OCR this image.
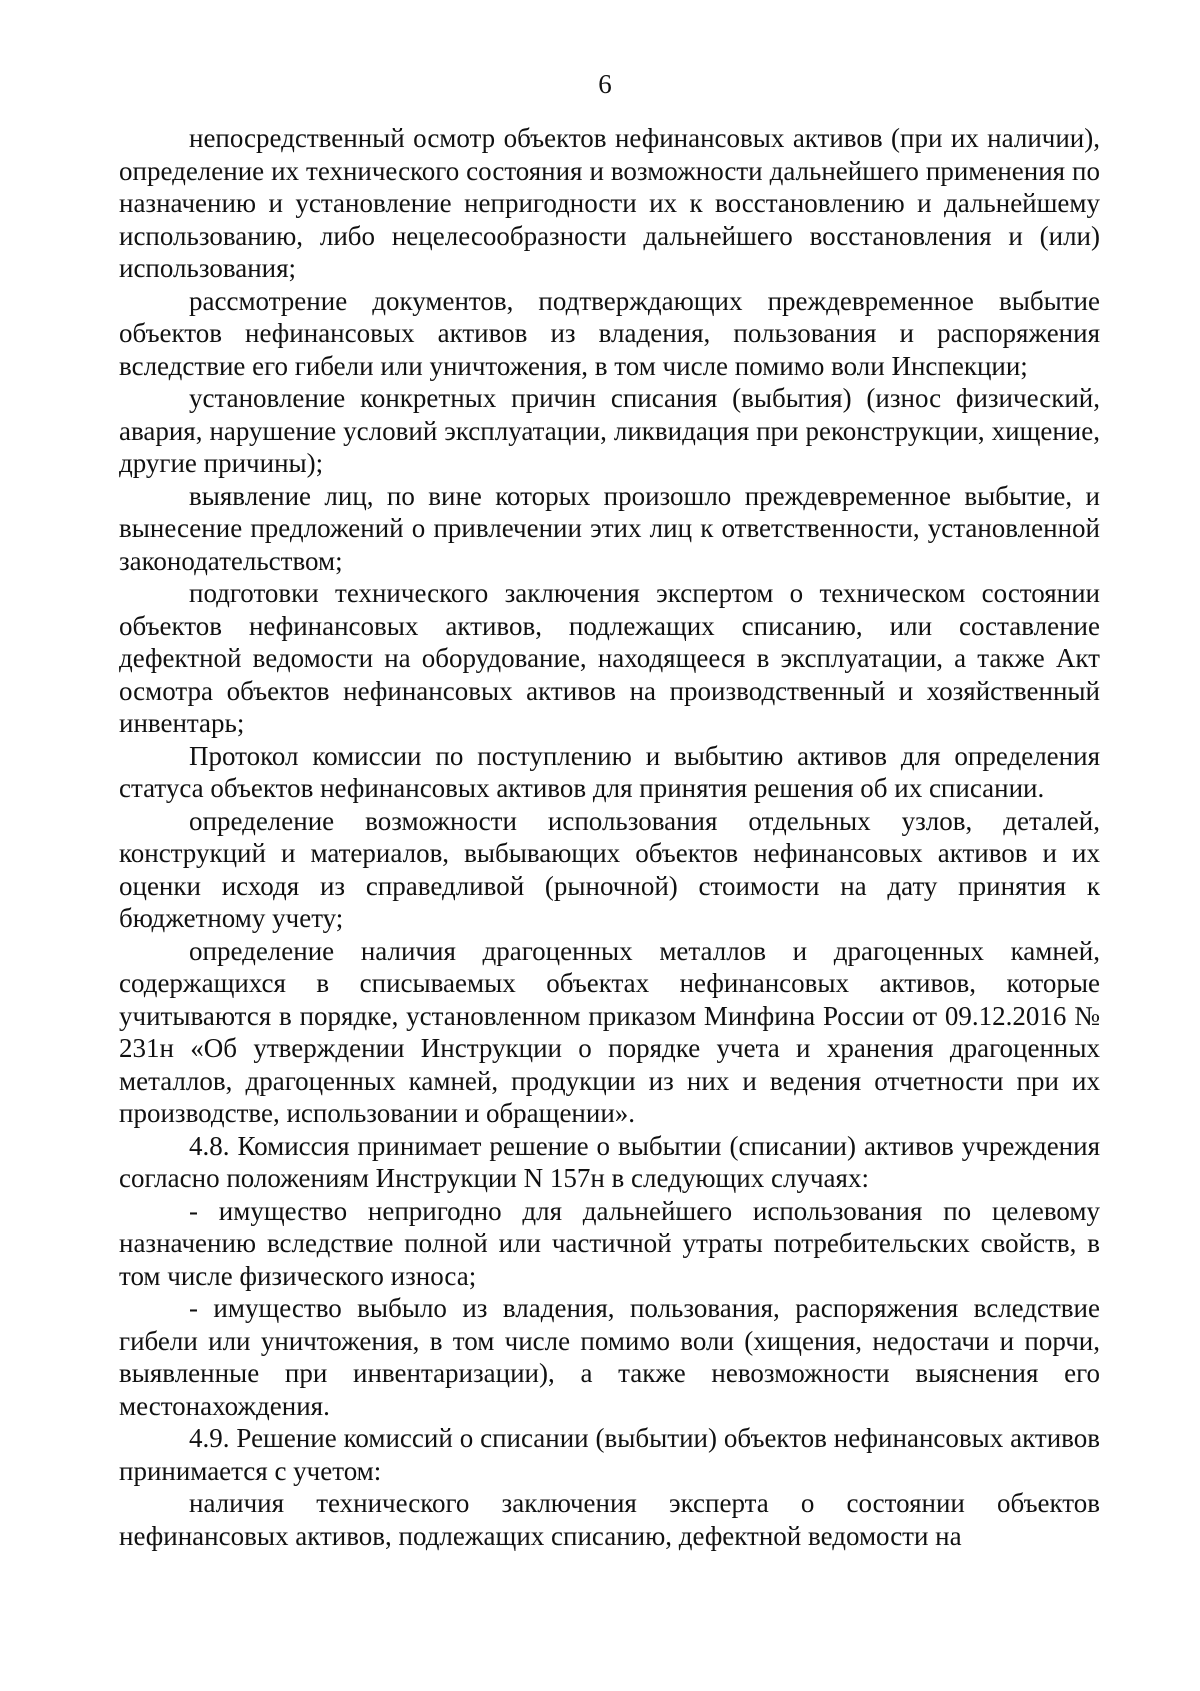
6

непосредственный осмотр объектов нефинансовых активов (при их наличии), определение их технического состояния и возможности дальнейшего применения по назначению и установление непригодности их к восстановлению и дальнейшему использованию, либо нецелесообразности дальнейшего восстановления и (или) использования;

рассмотрение документов, подтверждающих преждевременное выбытие объектов нефинансовых активов из владения, пользования и распоряжения вследствие его гибели или уничтожения, в том числе помимо воли Инспекции;

установление конкретных причин списания (выбытия) (износ физический, авария, нарушение условий эксплуатации, ликвидация при реконструкции, хищение, другие причины);

выявление лиц, по вине которых произошло преждевременное выбытие, и вынесение предложений о привлечении этих лиц к ответственности, установленной законодательством;

подготовки технического заключения экспертом о техническом состоянии объектов нефинансовых активов, подлежащих списанию, или составление дефектной ведомости на оборудование, находящееся в эксплуатации, а также Акт осмотра объектов нефинансовых активов на производственный и хозяйственный инвентарь;

Протокол комиссии по поступлению и выбытию активов для определения статуса объектов нефинансовых активов для принятия решения об их списании.

определение возможности использования отдельных узлов, деталей, конструкций и материалов, выбывающих объектов нефинансовых активов и их оценки исходя из справедливой (рыночной) стоимости на дату принятия к бюджетному учету;

определение наличия драгоценных металлов и драгоценных камней, содержащихся в списываемых объектах нефинансовых активов, которые учитываются в порядке, установленном приказом Минфина России от 09.12.2016 № 231н «Об утверждении Инструкции о порядке учета и хранения драгоценных металлов, драгоценных камней, продукции из них и ведения отчетности при их производстве, использовании и обращении».

4.8. Комиссия принимает решение о выбытии (списании) активов учреждения согласно положениям Инструкции N 157н в следующих случаях:

- имущество непригодно для дальнейшего использования по целевому назначению вследствие полной или частичной утраты потребительских свойств, в том числе физического износа;

- имущество выбыло из владения, пользования, распоряжения вследствие гибели или уничтожения, в том числе помимо воли (хищения, недостачи и порчи, выявленные при инвентаризации), а также невозможности выяснения его местонахождения.

4.9. Решение комиссий о списании (выбытии) объектов нефинансовых активов принимается с учетом:

наличия технического заключения эксперта о состоянии объектов нефинансовых активов, подлежащих списанию, дефектной ведомости на
